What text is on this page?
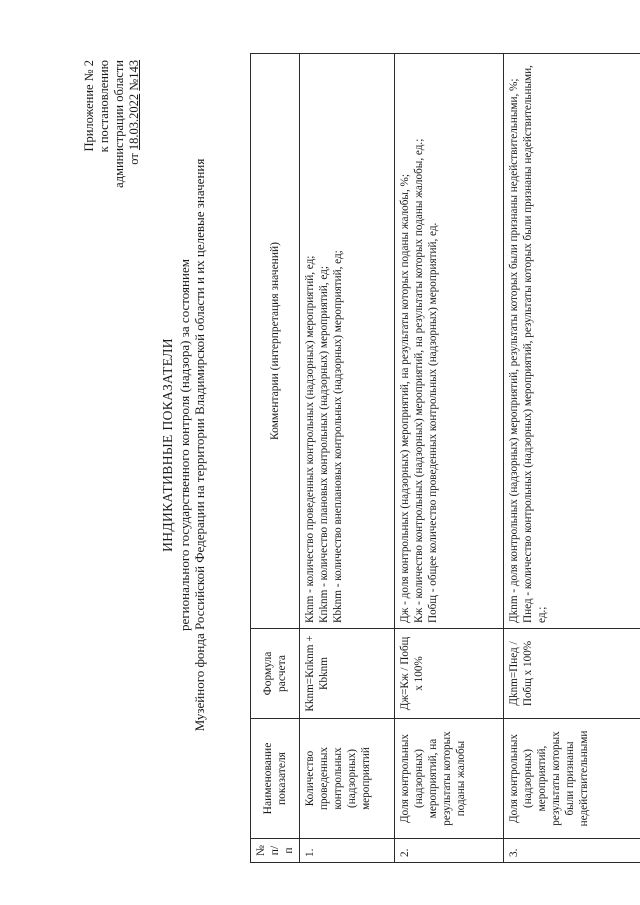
Приложение № 2 к постановлению администрации области от 18.03.2022 №143
ИНДИКАТИВНЫЕ ПОКАЗАТЕЛИ регионального государственного контроля (надзора) за состоянием Музейного фонда Российской Федерации на территории Владимирской области и их целевые значения
№ п/п	Наименование показателя	Формула расчета	Комментарии (интерпретация значений)
1.	Количество проведенных контрольных (надзорных) мероприятий	Кknm=Кпknm + Кbknm	Кknm - количество проведенных контрольных (надзорных) мероприятий, ед; Кпknm - количество плановых контрольных (надзорных) мероприятий, ед; Кbknm - количество внеплановых контрольных (надзорных) мероприятий, ед;

2.	Доля контрольных (надзорных) мероприятий, на результаты которых поданы жалобы	Дж=Кж / Побщ х 100%	Дж - доля контрольных (надзорных) мероприятий, на результаты которых поданы жалобы, %; Кж - количество контрольных (надзорных) мероприятий, на результаты которых поданы жалобы, ед.; Побщ - общее количество проведенных контрольных (надзорных) мероприятий, ед.

3.	Доля контрольных (надзорных) мероприятий, результаты которых были признаны недействительными	Дknm=Пнед / Побщ х 100%	Дknm - доля контрольных (надзорных) мероприятий, результаты которых были признаны недействительными, %; Пнед - количество контрольных (надзорных) мероприятий, результаты которых были признаны недействительными, ед.;
